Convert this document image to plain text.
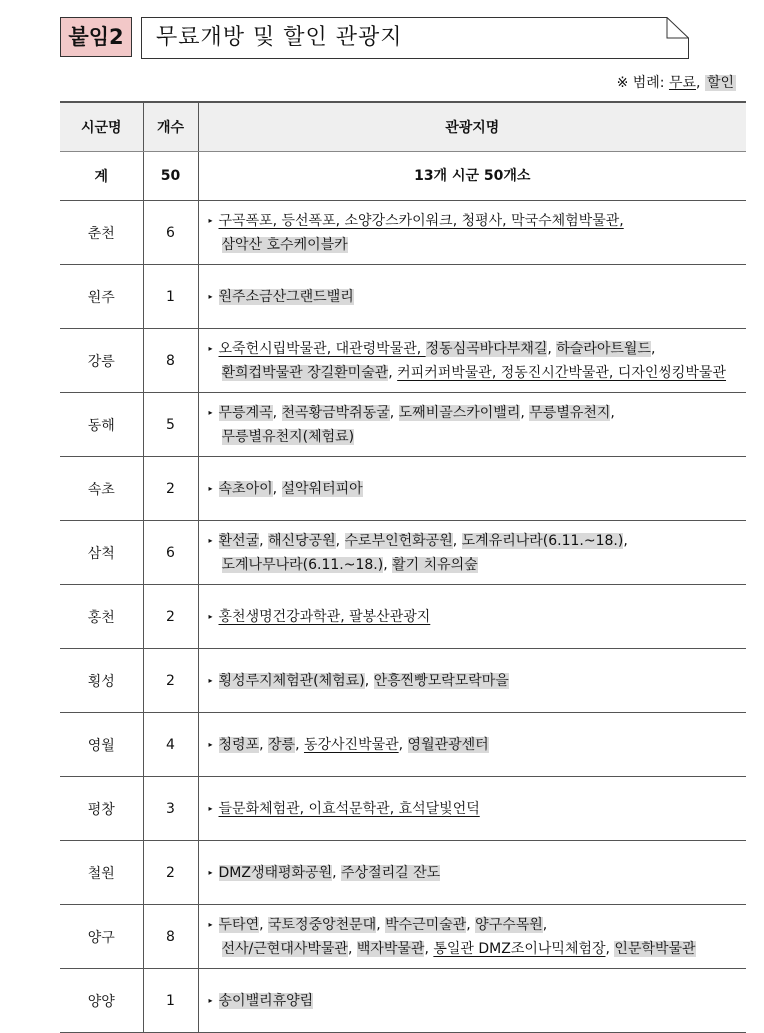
붙임2	무료개방 및 할인 관광지
※ 범례: 무료, 할인
시군명	개수	관광지명
계	50	13개 시군 50개소
춘천	6	▸ 구곡폭포, 등선폭포, 소양강스카이워크, 청평사, 막국수체험박물관,

삼악산 호수케이블카

원주	1	▸ 원주소금산그랜드밸리
강릉	8	▸ 오죽헌시립박물관, 대관령박물관, 정동심곡바다부채길, 하슬라아트월드,

환희컵박물관 장길환미술관, 커피커퍼박물관, 정동진시간박물관, 디자인씽킹박물관

동해	5	▸ 무릉계곡, 천곡황금박쥐동굴, 도째비골스카이밸리, 무릉별유천지,

무릉별유천지(체험료)

속초	2	▸ 속초아이, 설악워터피아
삼척	6	▸ 환선굴, 해신당공원, 수로부인헌화공원, 도계유리나라(6.11.~18.),

도계나무나라(6.11.~18.), 활기 치유의숲

홍천	2	▸ 홍천생명건강과학관, 팔봉산관광지
횡성	2	▸ 횡성루지체험관(체험료), 안흥찐빵모락모락마을
영월	4	▸ 청령포, 장릉, 동강사진박물관, 영월관광센터
평창	3	▸ 들문화체험관, 이효석문학관, 효석달빛언덕
철원	2	▸ DMZ생태평화공원, 주상절리길 잔도
양구	8	▸ 두타연, 국토정중앙천문대, 박수근미술관, 양구수목원,

선사/근현대사박물관, 백자박물관, 통일관 DMZ조이나믹체험장, 인문학박물관

양양	1	▸ 송이밸리휴양림
